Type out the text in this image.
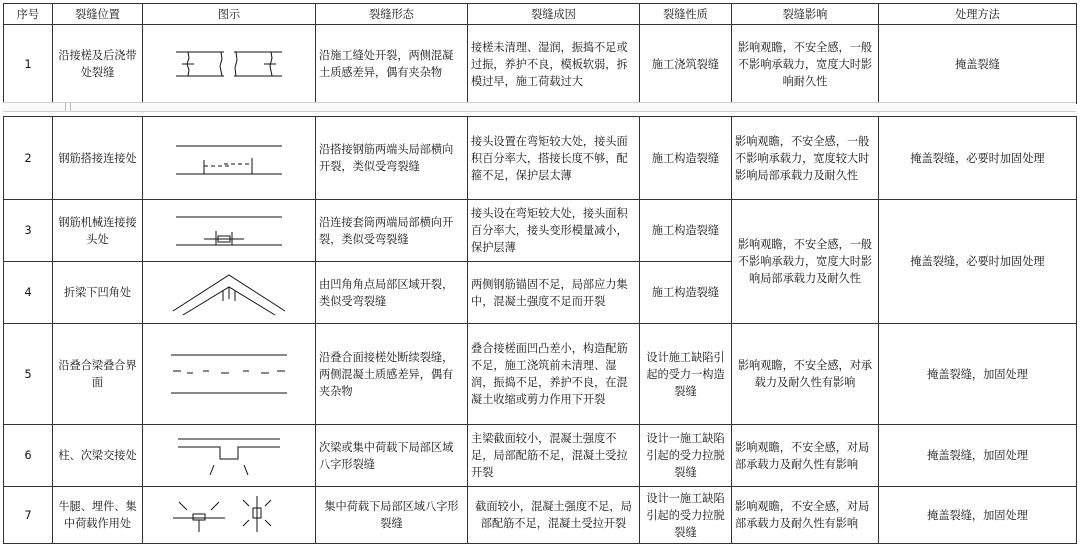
序号	裂缝位置	图示	裂缝形态	裂缝成因	裂缝性质	裂缝影响	处理方法
1	沿接槎及后浇带处裂缝		沿施工缝处开裂，两侧混凝土质感差异，偶有夹杂物	接槎未清理、湿润，振捣不足或过振，养护不良，模板软弱，拆模过早，施工荷载过大	施工浇筑裂缝	影响观瞻，不安全感，一般不影响承载力，宽度大时影响耐久性	掩盖裂缝
2	钢筋搭接连接处		沿搭接钢筋两端头局部横向开裂，类似受弯裂缝	接头设置在弯矩较大处，接头面积百分率大，搭接长度不够，配箍不足，保护层太薄	施工构造裂缝	影响观瞻，不安全感，一般不影响承载力，宽度较大时影响局部承载力及耐久性	掩盖裂缝，必要时加固处理
3	钢筋机械连接接头处		沿连接套筒两端局部横向开裂，类似受弯裂缝	接头设在弯矩较大处，接头面积百分率大，接头变形模量减小，保护层薄	施工构造裂缝	影响观瞻，不安全感，一般不影响承载力，宽度大时影响局部承载力及耐久性	掩盖裂缝，必要时加固处理
4	折梁下凹角处		由凹角角点局部区域开裂，类似受弯裂缝	两侧钢筋锚固不足，局部应力集中，混凝土强度不足而开裂	施工构造裂缝		
5	沿叠合梁叠合界面		沿叠合面接槎处断续裂缝，两侧混凝土质感差异，偶有夹杂物	叠合接槎面凹凸差小，构造配筋不足，施工浇筑前未清理、湿润，振捣不足，养护不良，在混凝土收缩或剪力作用下开裂	设计施工缺陷引起的受力一构造裂缝	影响观瞻，不安全感，对承载力及耐久性有影响	掩盖裂缝，加固处理
6	柱、次梁交接处		次梁或集中荷载下局部区域八字形裂缝	主梁截面较小，混凝土强度不足，局部配筋不足，混凝土受拉开裂	设计一施工缺陷引起的受力拉脱裂缝	影响观瞻，不安全感，对局部承载力及耐久性有影响	掩盖裂缝，加固处理
7	牛腿、埋件、集中荷载作用处		集中荷载下局部区域八字形裂缝	截面较小，混凝土强度不足，局部配筋不足，混凝土受拉开裂	设计一施工缺陷引起的受力拉脱裂缝	影响观瞻，不安全感，对局部承载力及耐久性有影响	掩盖裂缝，加固处理
